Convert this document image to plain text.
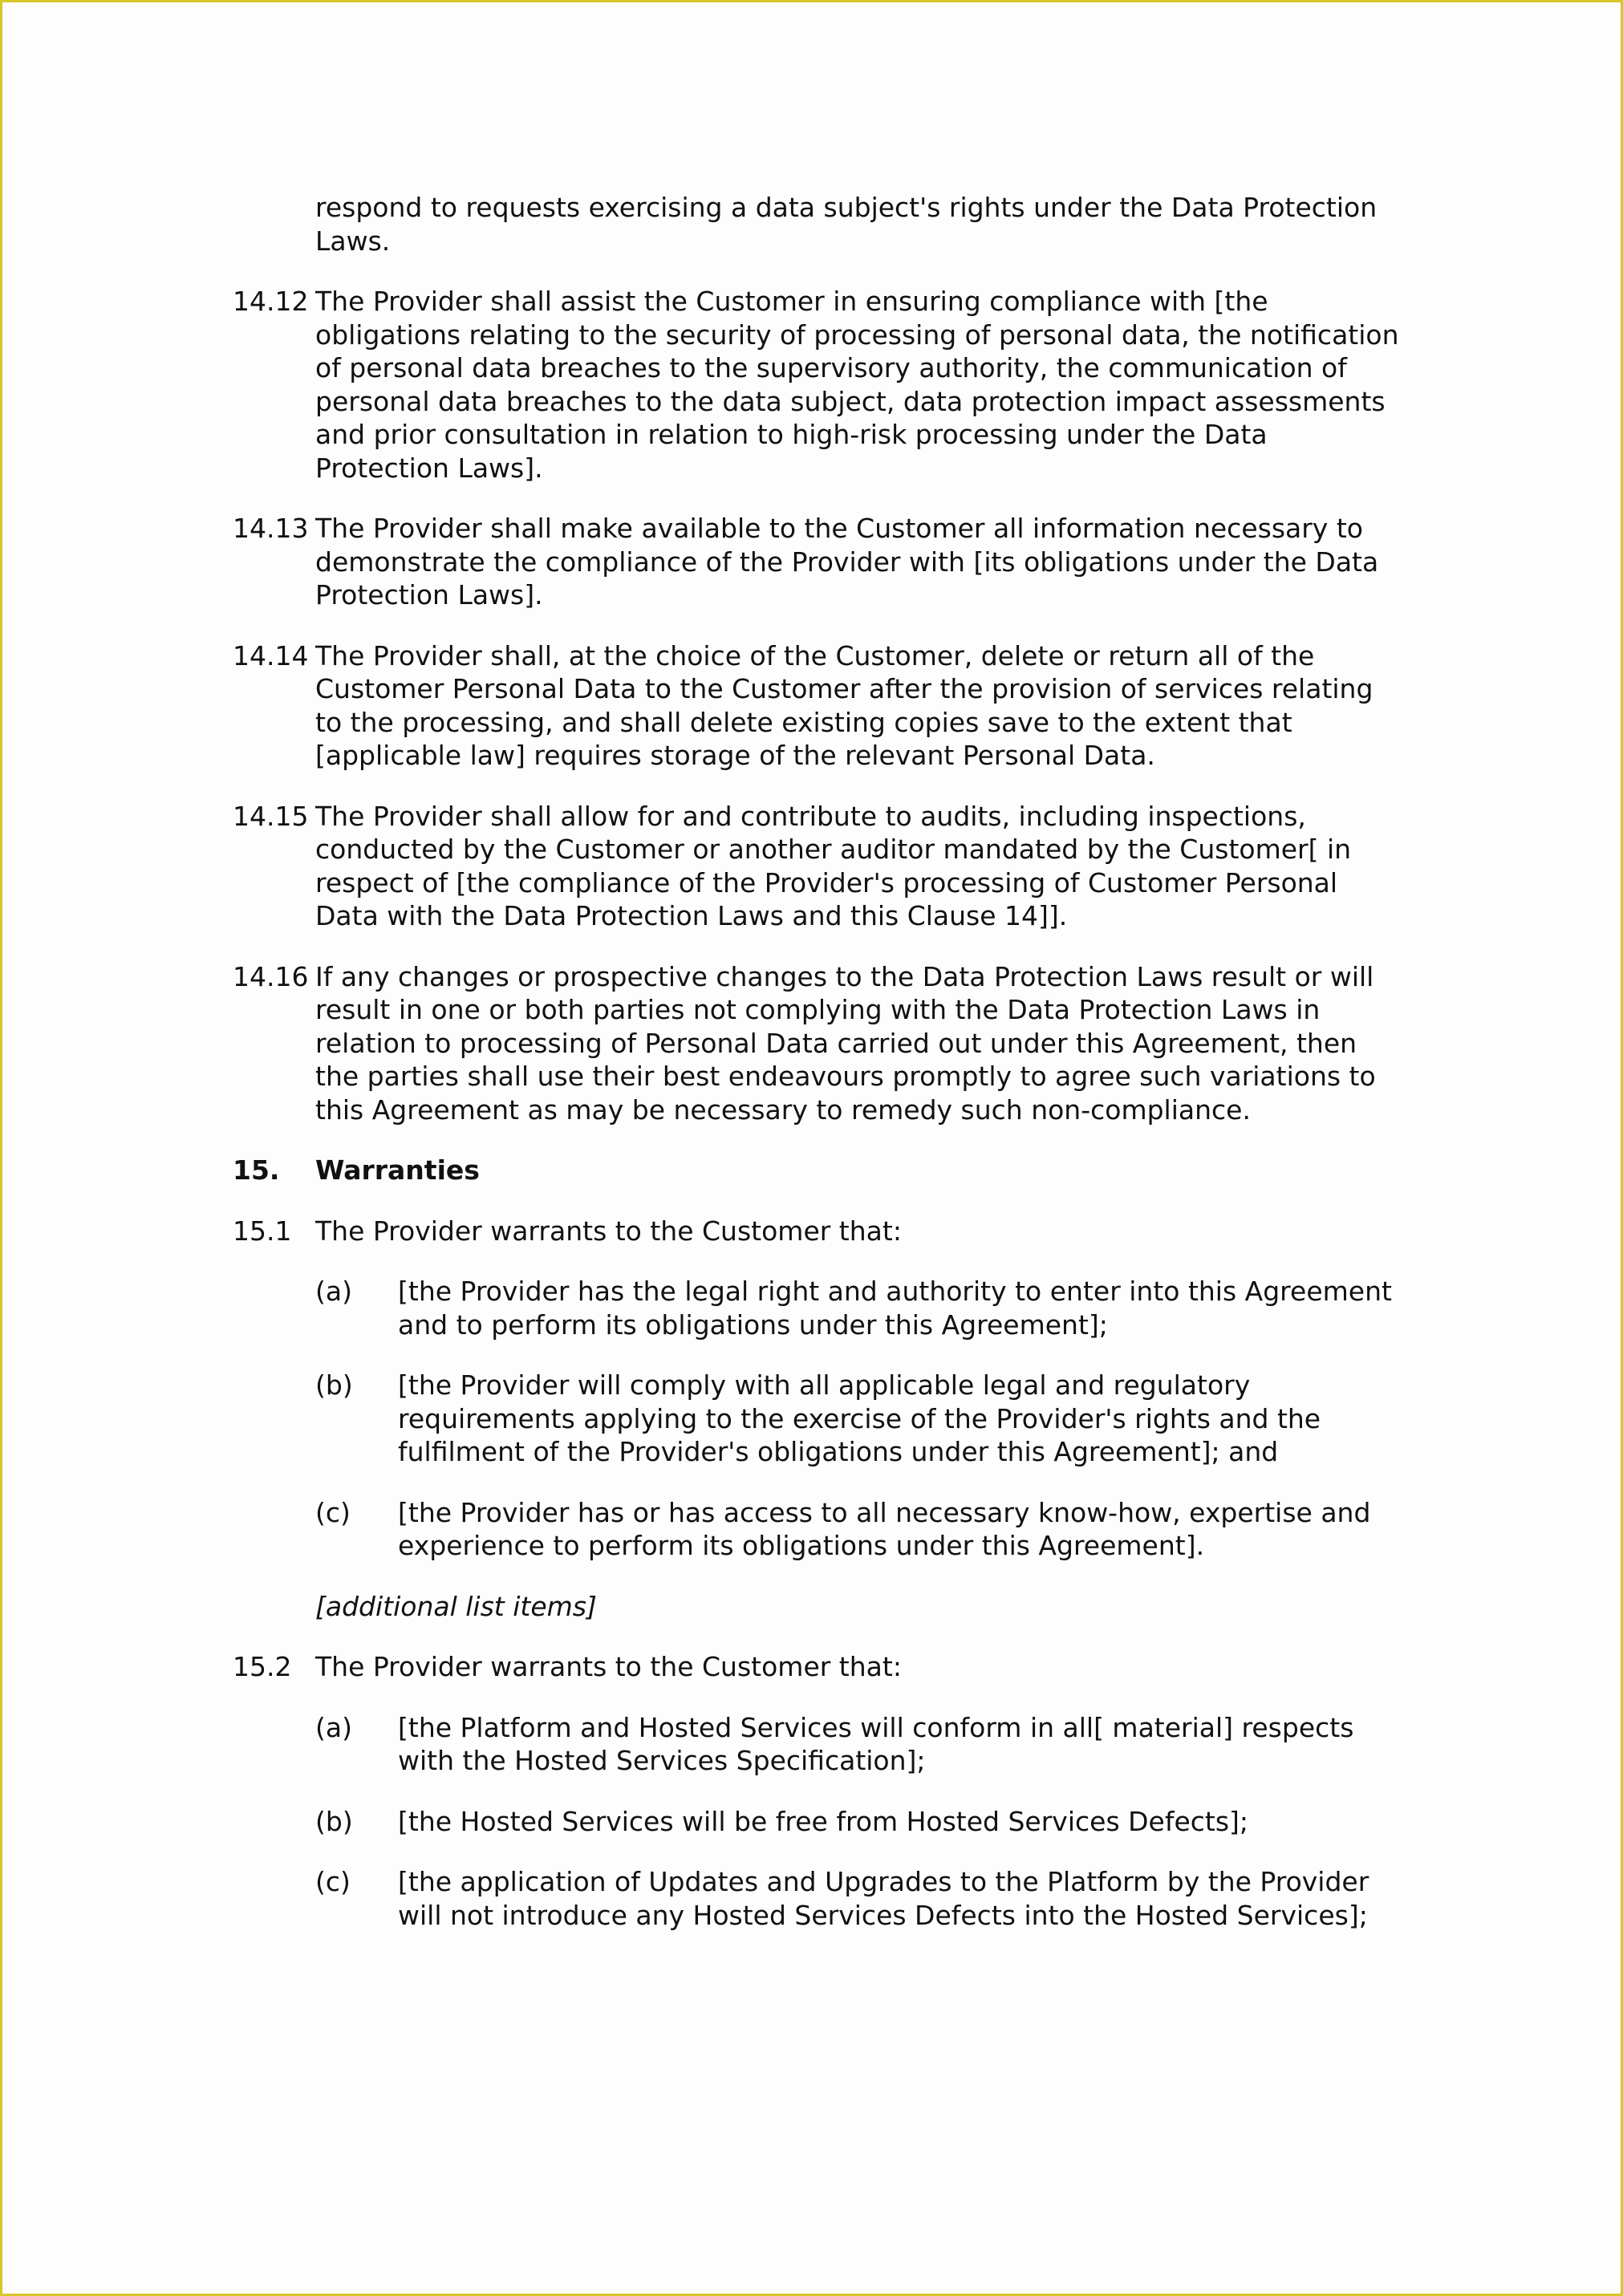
respond to requests exercising a data subject's rights under the Data Protection Laws.

14.12 The Provider shall assist the Customer in ensuring compliance with [the obligations relating to the security of processing of personal data, the notification of personal data breaches to the supervisory authority, the communication of personal data breaches to the data subject, data protection impact assessments and prior consultation in relation to high-risk processing under the Data Protection Laws].
14.13 The Provider shall make available to the Customer all information necessary to demonstrate the compliance of the Provider with [its obligations under the Data Protection Laws].
14.14 The Provider shall, at the choice of the Customer, delete or return all of the Customer Personal Data to the Customer after the provision of services relating to the processing, and shall delete existing copies save to the extent that [applicable law] requires storage of the relevant Personal Data.
14.15 The Provider shall allow for and contribute to audits, including inspections, conducted by the Customer or another auditor mandated by the Customer[ in respect of [the compliance of the Provider's processing of Customer Personal Data with the Data Protection Laws and this Clause 14]].
14.16 If any changes or prospective changes to the Data Protection Laws result or will result in one or both parties not complying with the Data Protection Laws in relation to processing of Personal Data carried out under this Agreement, then the parties shall use their best endeavours promptly to agree such variations to this Agreement as may be necessary to remedy such non-compliance.
15. Warranties
15.1 The Provider warrants to the Customer that:
(a) [the Provider has the legal right and authority to enter into this Agreement and to perform its obligations under this Agreement];
(b) [the Provider will comply with all applicable legal and regulatory requirements applying to the exercise of the Provider's rights and the fulfilment of the Provider's obligations under this Agreement]; and
(c) [the Provider has or has access to all necessary know-how, expertise and experience to perform its obligations under this Agreement].

[additional list items]

15.2 The Provider warrants to the Customer that:
(a) [the Platform and Hosted Services will conform in all[ material] respects with the Hosted Services Specification];
(b) [the Hosted Services will be free from Hosted Services Defects];
(c) [the application of Updates and Upgrades to the Platform by the Provider will not introduce any Hosted Services Defects into the Hosted Services];
